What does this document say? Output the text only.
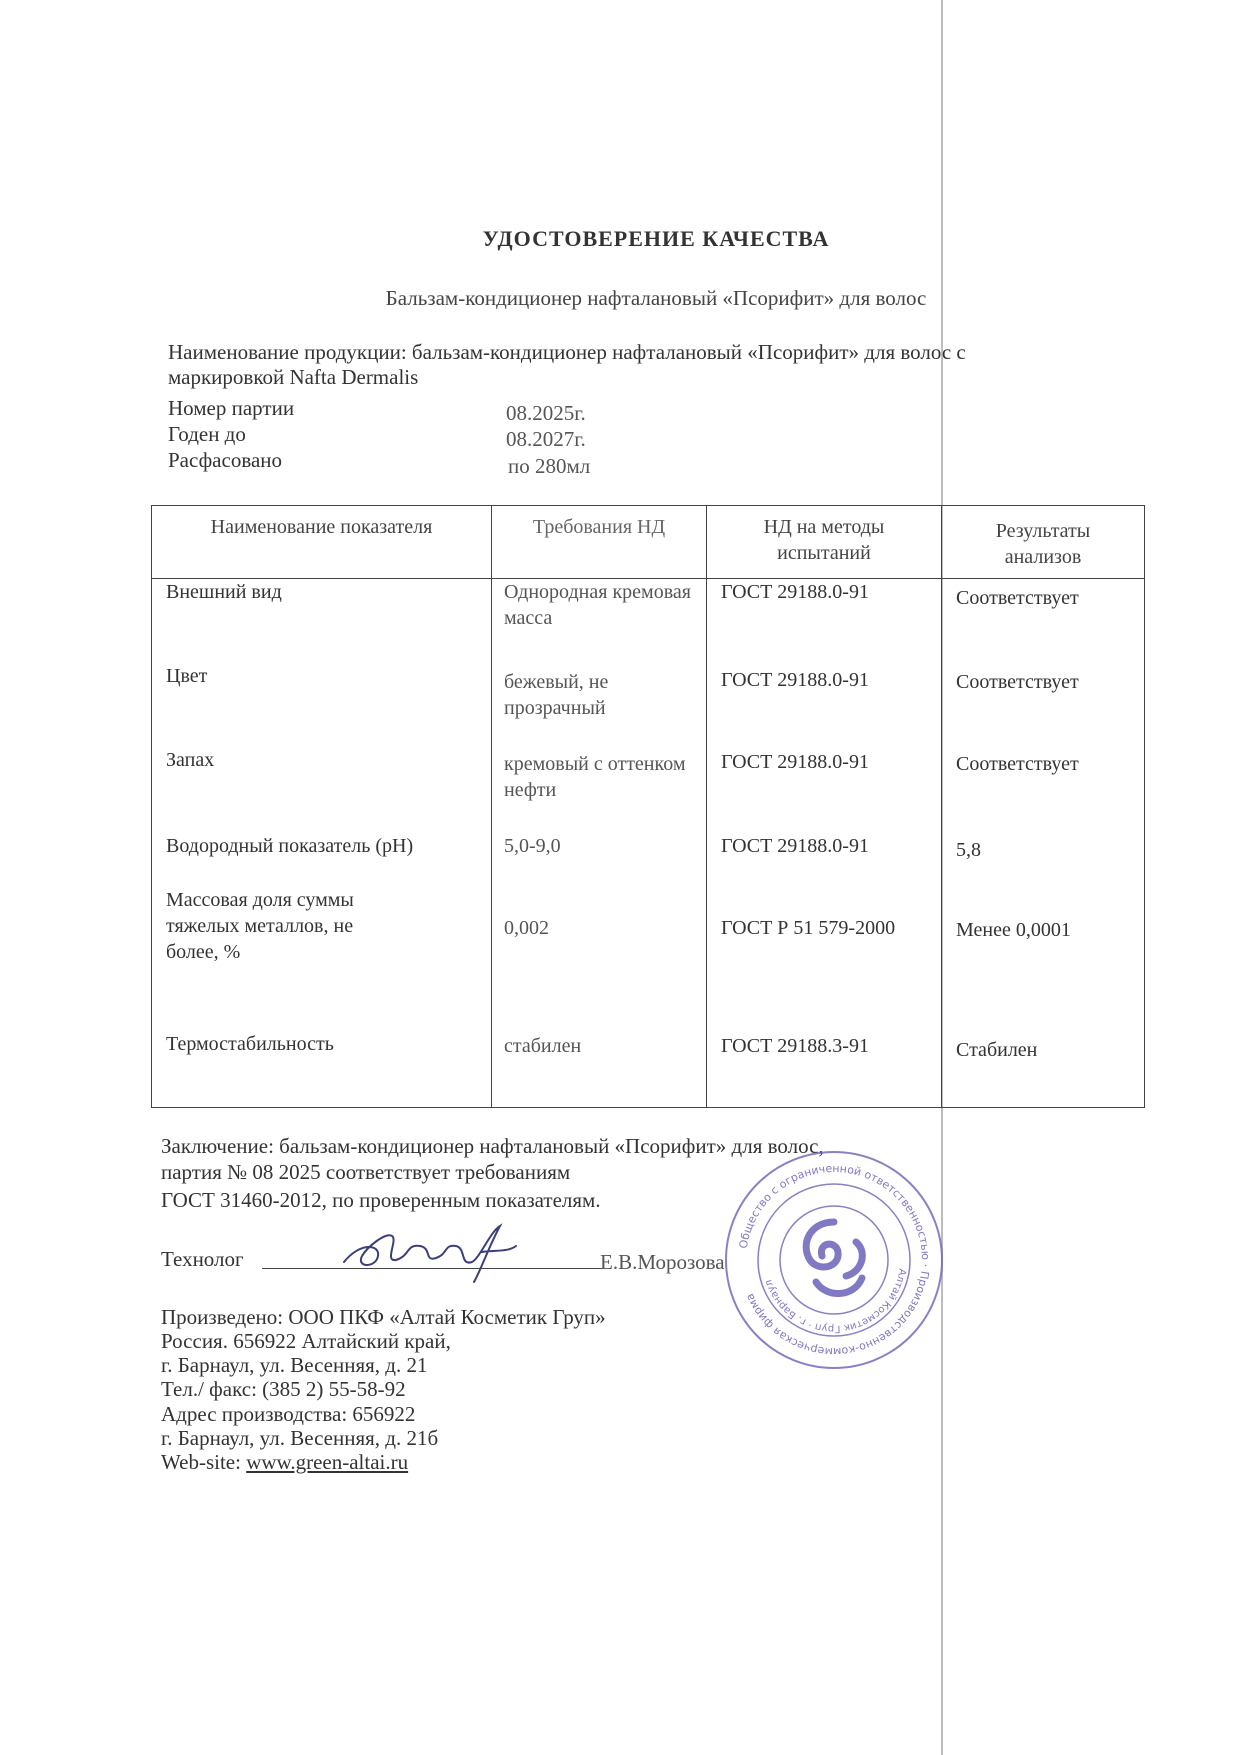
УДОСТОВЕРЕНИЕ КАЧЕСТВА
Бальзам-кондиционер нафталановый «Псорифит» для волос
Наименование продукции: бальзам-кондиционер нафталановый «Псорифит» для волос с
маркировкой Nafta Dermalis
Номер партии	08.2025г.
Годен до	08.2027г.
Расфасовано	по 280мл
Наименование показателя	Требования НД	НД на методы испытаний	Результаты анализов

Внешний вид	Однородная кремовая масса	ГОСТ 29188.0-91	Соответствует

Цвет	бежевый, не прозрачный	ГОСТ 29188.0-91	Соответствует

Запах	кремовый с оттенком нефти	ГОСТ 29188.0-91	Соответствует

Водородный показатель (рН)	5,0-9,0	ГОСТ 29188.0-91	5,8

Массовая доля суммы тяжелых металлов, не более, %	0,002	ГОСТ Р 51 579-2000	Менее 0,0001

Термостабильность	стабилен	ГОСТ 29188.3-91	Стабилен
Заключение: бальзам-кондиционер нафталановый «Псорифит» для волос,
партия № 08 2025 соответствует требованиям
ГОСТ 31460-2012, по проверенным показателям.
Технолог	Е.В.Морозова
Произведено: ООО ПКФ «Алтай Косметик Груп»
Россия. 656922 Алтайский край,
г. Барнаул, ул. Весенняя, д. 21
Тел./ факс: (385 2) 55-58-92
Адрес производства: 656922
г. Барнаул, ул. Весенняя, д. 21б
Web-site: www.green-altai.ru
Общество с ограниченной ответственностью · Производственно-коммерческая фирма
Алтай Косметик Груп · г. Барнаул
